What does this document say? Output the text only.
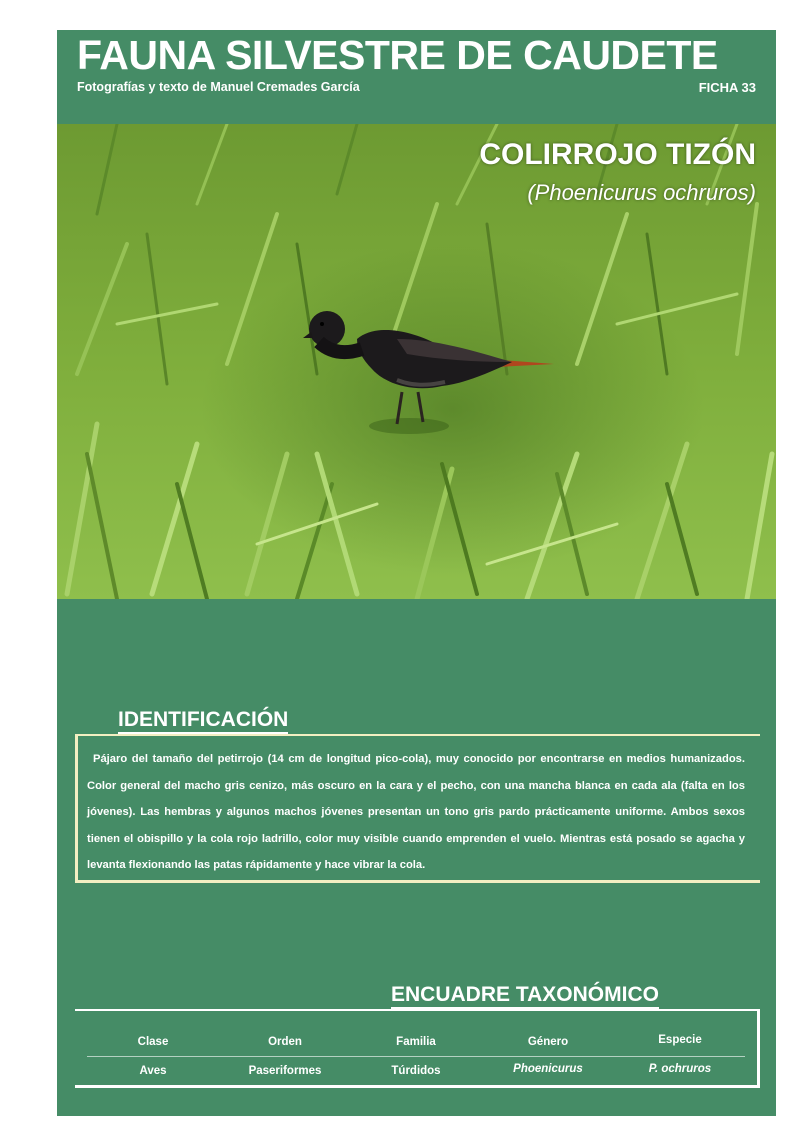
FAUNA SILVESTRE DE CAUDETE
Fotografías y texto de Manuel Cremades García	FICHA 33
COLIRROJO TIZÓN
(Phoenicurus ochruros)
IDENTIFICACIÓN

Pájaro del tamaño del petirrojo (14 cm de longitud pico-cola), muy conocido por encontrarse en medios humanizados. Color general del macho gris cenizo, más oscuro en la cara y el pecho, con una mancha blanca en cada ala (falta en los jóvenes). Las hembras y algunos machos jóvenes presentan un tono gris pardo prácticamente uniforme. Ambos sexos tienen el obispillo y la cola rojo ladrillo, color muy visible cuando emprenden el vuelo. Mientras está posado se agacha y levanta flexionando las patas rápidamente y hace vibrar la cola.

ENCUADRE TAXONÓMICO
Clase	Orden	Familia	Género	Especie
Aves	Paseriformes	Túrdidos	Phoenicurus	P. ochruros
